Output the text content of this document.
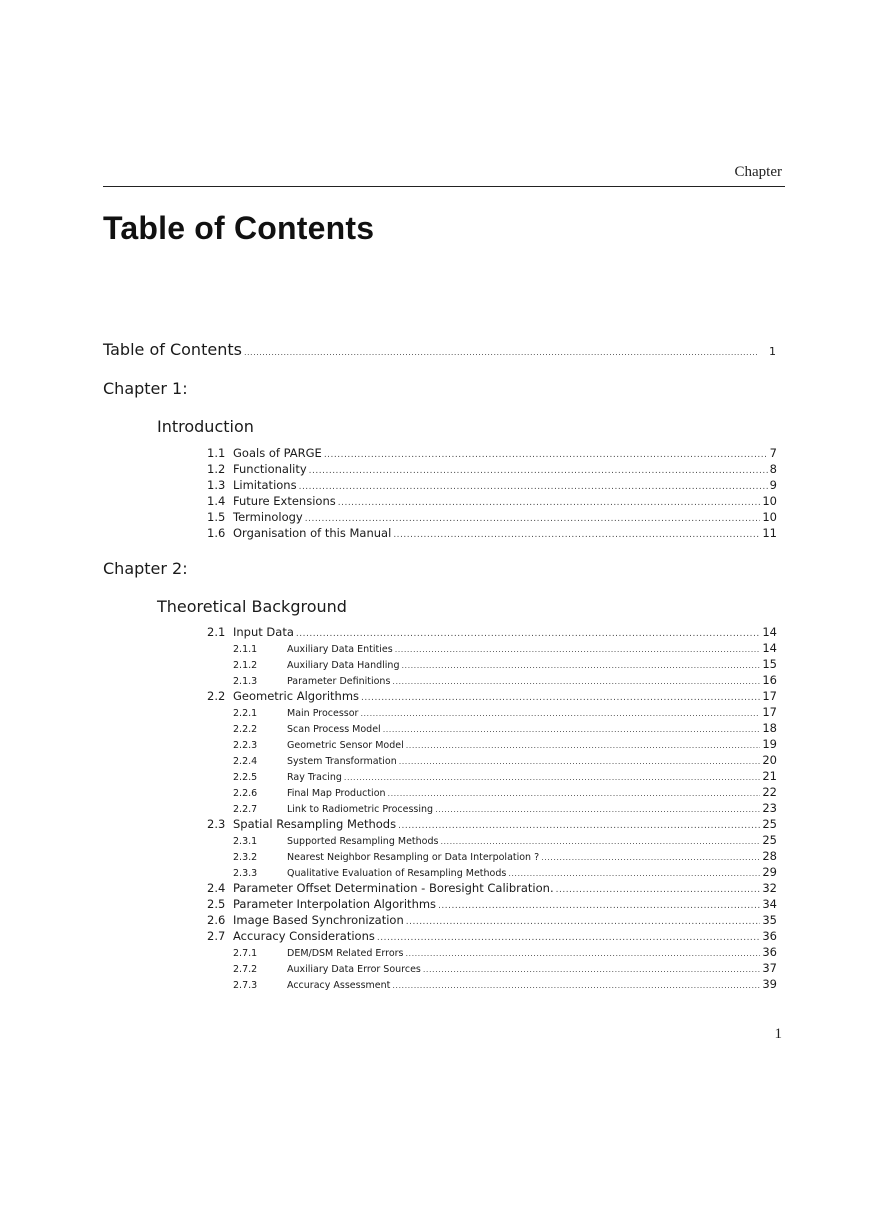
Chapter
Table of Contents
Table of Contents .....	1
Chapter 1:
Introduction
1.1 Goals of PARGE .....	7
1.2 Functionality .....	8
1.3 Limitations .....	9
1.4 Future Extensions .....	10
1.5 Terminology .....	10
1.6 Organisation of this Manual .....	11
Chapter 2:
Theoretical Background
2.1 Input Data .....	14
2.1.1	Auxiliary Data Entities .....	14
2.1.2	Auxiliary Data Handling .....	15
2.1.3	Parameter Definitions .....	16
2.2 Geometric Algorithms .....	17
2.2.1	Main Processor .....	17
2.2.2	Scan Process Model .....	18
2.2.3	Geometric Sensor Model .....	19
2.2.4	System Transformation .....	20
2.2.5	Ray Tracing .....	21
2.2.6	Final Map Production .....	22
2.2.7	Link to Radiometric Processing .....	23
2.3 Spatial Resampling Methods .....	25
2.3.1	Supported Resampling Methods .....	25
2.3.2	Nearest Neighbor Resampling or Data Interpolation ? .....	28
2.3.3	Qualitative Evaluation of Resampling Methods .....	29
2.4 Parameter Offset Determination - Boresight Calibration. .....	32
2.5 Parameter Interpolation Algorithms .....	34
2.6 Image Based Synchronization .....	35
2.7 Accuracy Considerations .....	36
2.7.1	DEM/DSM Related Errors .....	36
2.7.2	Auxiliary Data Error Sources .....	37
2.7.3	Accuracy Assessment .....	39
1
